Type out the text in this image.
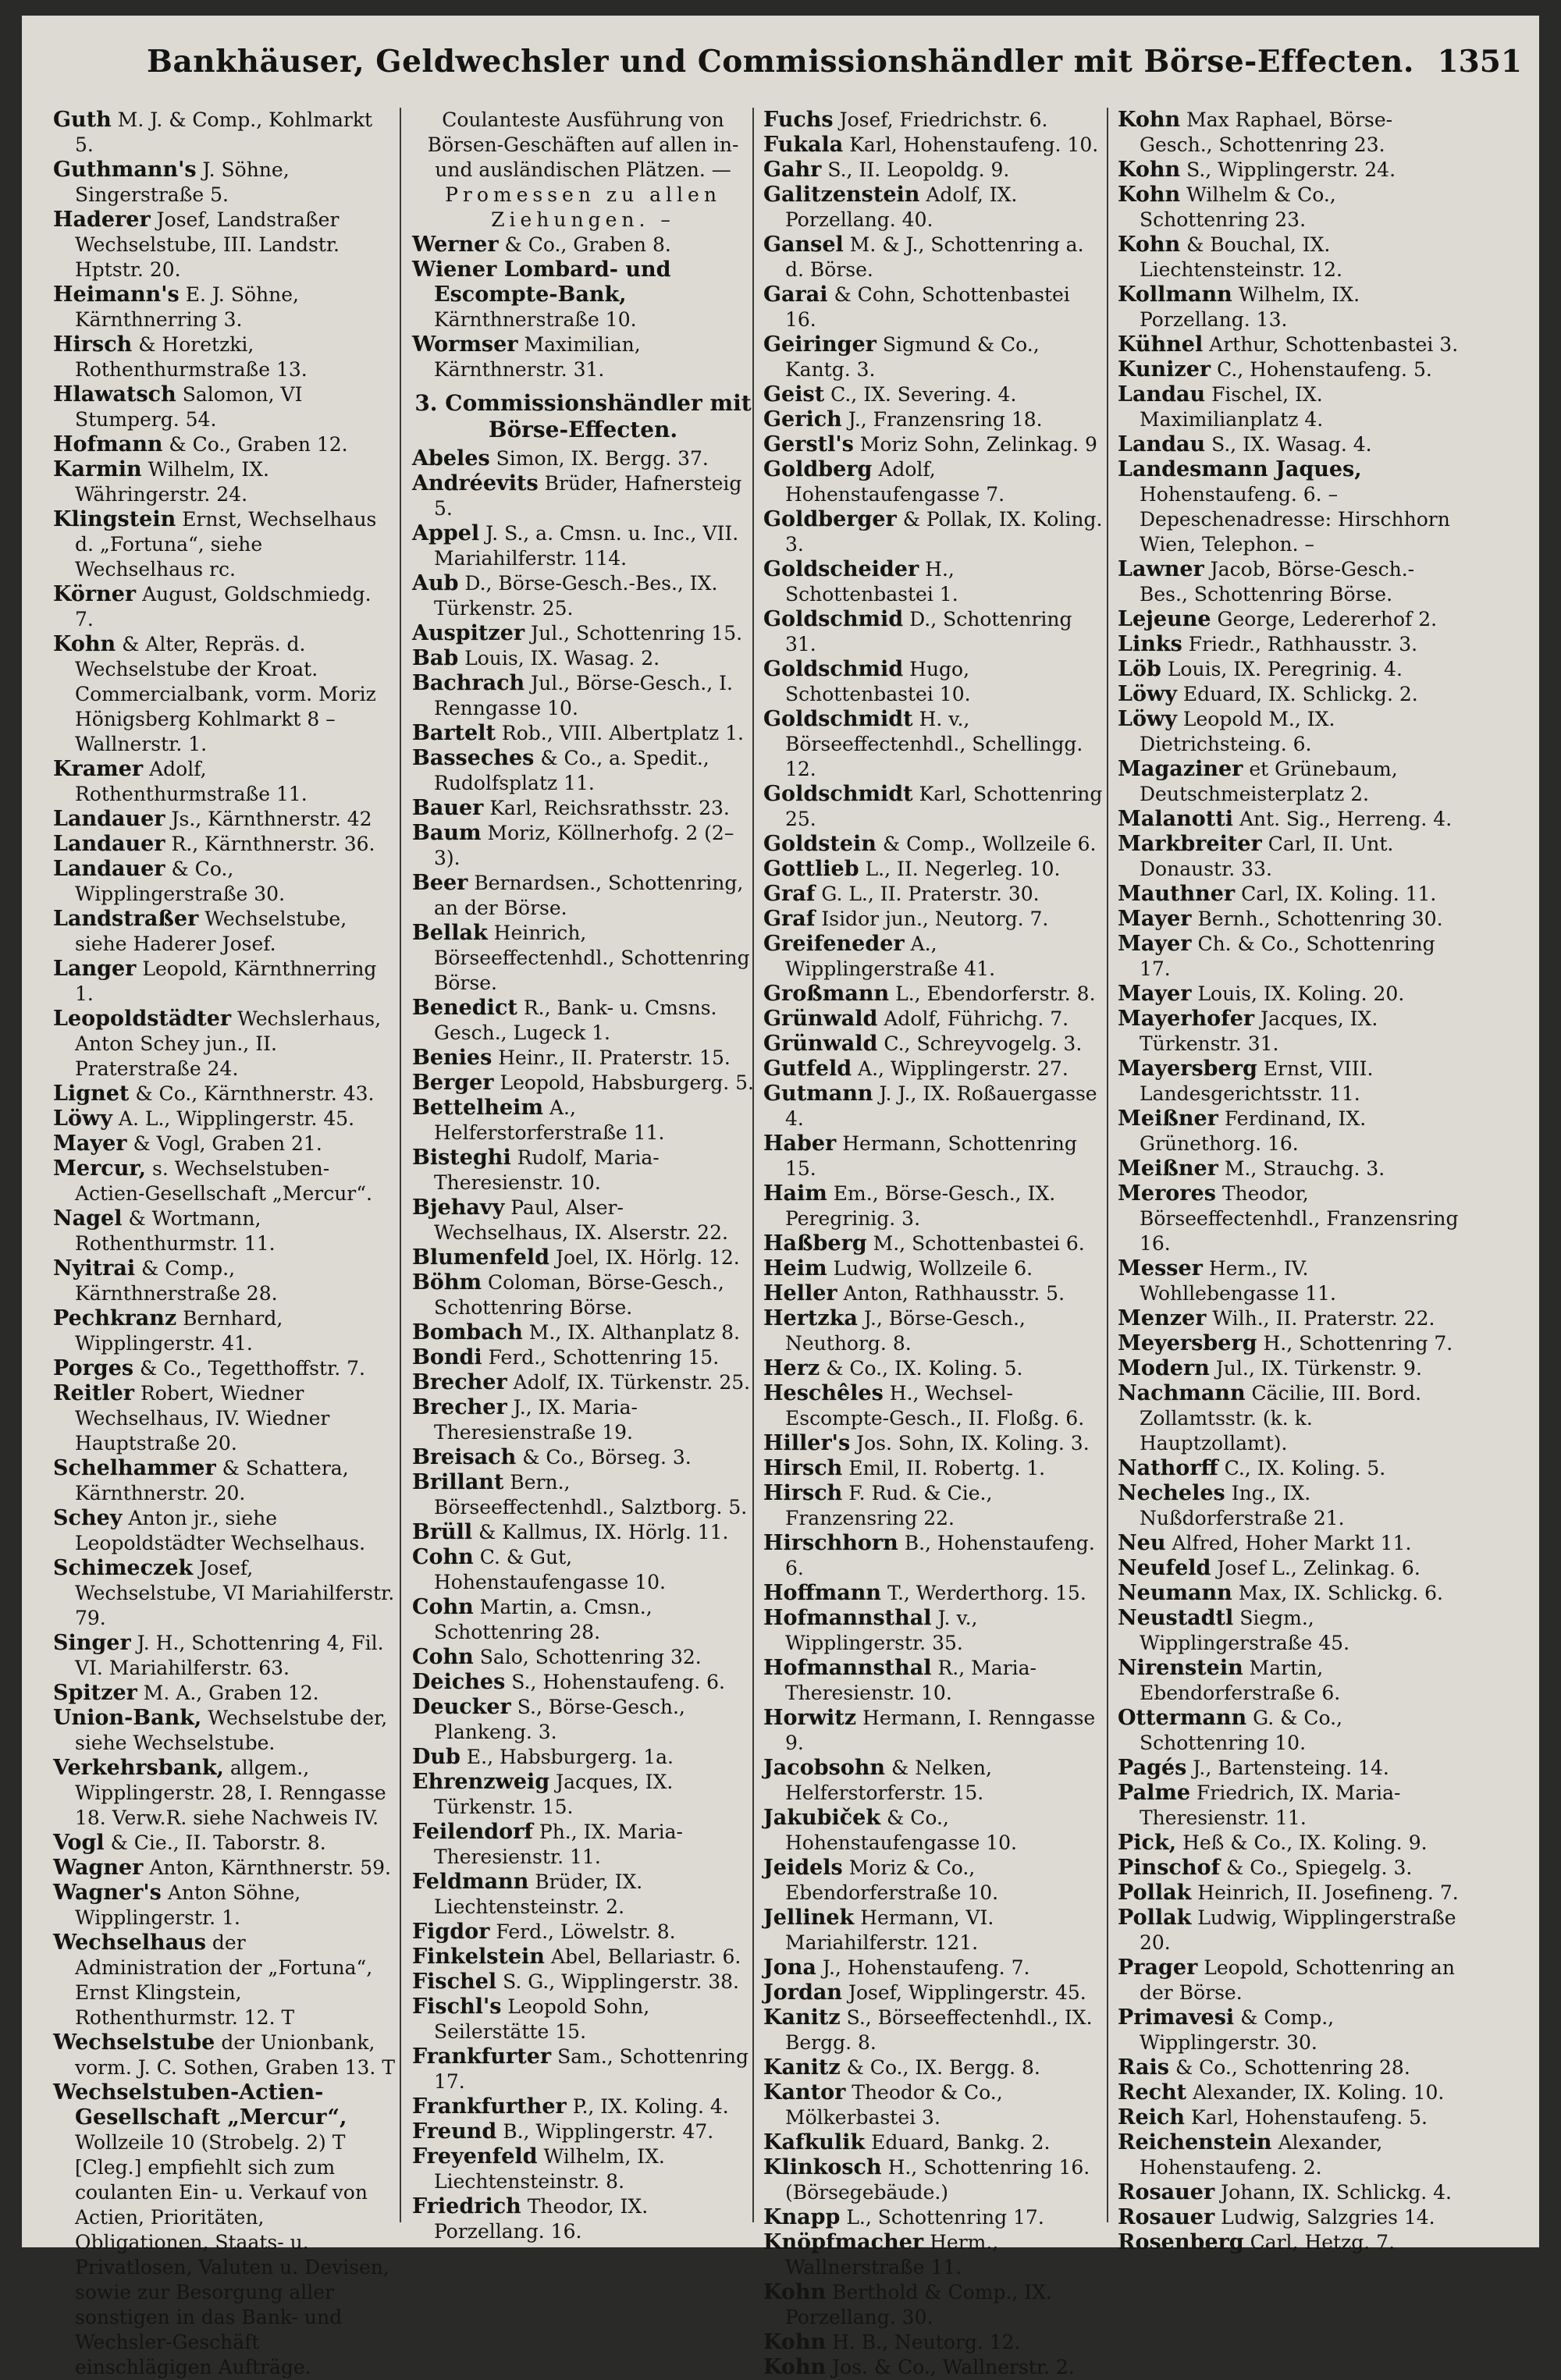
Bankhäuser, Geldwechsler und Commissionshändler mit Börse-Effecten. 1351

Guth M. J. & Comp., Kohlmarkt 5.

Guthmann's J. Söhne, Singerstraße 5.

Haderer Josef, Landstraßer Wechselstube, III. Landstr. Hptstr. 20.

Heimann's E. J. Söhne, Kärnthnerring 3.

Hirsch & Horetzki, Rothenthurmstraße 13.

Hlawatsch Salomon, VI Stumperg. 54.

Hofmann & Co., Graben 12.

Karmin Wilhelm, IX. Währingerstr. 24.

Klingstein Ernst, Wechselhaus d. „Fortuna“, siehe Wechselhaus rc.

Körner August, Goldschmiedg. 7.

Kohn & Alter, Repräs. d. Wechselstube der Kroat. Commercialbank, vorm. Moriz Hönigsberg Kohlmarkt 8 – Wallnerstr. 1.

Kramer Adolf, Rothenthurmstraße 11.

Landauer Js., Kärnthnerstr. 42

Landauer R., Kärnthnerstr. 36.

Landauer & Co., Wipplingerstraße 30.

Landstraßer Wechselstube, siehe Haderer Josef.

Langer Leopold, Kärnthnerring 1.

Leopoldstädter Wechslerhaus, Anton Schey jun., II. Praterstraße 24.

Lignet & Co., Kärnthnerstr. 43.

Löwy A. L., Wipplingerstr. 45.

Mayer & Vogl, Graben 21.

Mercur, s. Wechselstuben-Actien-Gesellschaft „Mercur“.

Nagel & Wortmann, Rothenthurmstr. 11.

Nyitrai & Comp., Kärnthnerstraße 28.

Pechkranz Bernhard, Wipplingerstr. 41.

Porges & Co., Tegetthoffstr. 7.

Reitler Robert, Wiedner Wechselhaus, IV. Wiedner Hauptstraße 20.

Schelhammer & Schattera, Kärnthnerstr. 20.

Schey Anton jr., siehe Leopoldstädter Wechselhaus.

Schimeczek Josef, Wechselstube, VI Mariahilferstr. 79.

Singer J. H., Schottenring 4, Fil. VI. Mariahilferstr. 63.

Spitzer M. A., Graben 12.

Union-Bank, Wechselstube der, siehe Wechselstube.

Verkehrsbank, allgem., Wipplingerstr. 28, I. Renngasse 18. Verw.R. siehe Nachweis IV.

Vogl & Cie., II. Taborstr. 8.

Wagner Anton, Kärnthnerstr. 59.

Wagner's Anton Söhne, Wipplingerstr. 1.

Wechselhaus der Administration der „Fortuna“, Ernst Klingstein, Rothenthurmstr. 12. T

Wechselstube der Unionbank, vorm. J. C. Sothen, Graben 13. T

Wechselstuben-Actien-Gesellschaft „Mercur“, Wollzeile 10 (Strobelg. 2) T [Cleg.] empfiehlt sich zum coulanten Ein- u. Verkauf von Actien, Prioritäten, Obligationen, Staats- u. Privatlosen, Valuten u. Devisen, sowie zur Besorgung aller sonstigen in das Bank- und Wechsler-Geschäft einschlägigen Aufträge.

Coulanteste Ausführung von Börsen-Geschäften auf allen in- und ausländischen Plätzen. —

Promessen zu allen Ziehungen. –

Werner & Co., Graben 8.

Wiener Lombard- und Escompte-Bank, Kärnthnerstraße 10.

Wormser Maximilian, Kärnthnerstr. 31.

3. Commissionshändler mit Börse-Effecten.

Abeles Simon, IX. Bergg. 37.

Andréevits Brüder, Hafnersteig 5.

Appel J. S., a. Cmsn. u. Inc., VII. Mariahilferstr. 114.

Aub D., Börse-Gesch.-Bes., IX. Türkenstr. 25.

Auspitzer Jul., Schottenring 15.

Bab Louis, IX. Wasag. 2.

Bachrach Jul., Börse-Gesch., I. Renngasse 10.

Bartelt Rob., VIII. Albertplatz 1.

Basseches & Co., a. Spedit., Rudolfsplatz 11.

Bauer Karl, Reichsrathsstr. 23.

Baum Moriz, Köllnerhofg. 2 (2–3).

Beer Bernardsen., Schottenring, an der Börse.

Bellak Heinrich, Börseeffectenhdl., Schottenring Börse.

Benedict R., Bank- u. Cmsns. Gesch., Lugeck 1.

Benies Heinr., II. Praterstr. 15.

Berger Leopold, Habsburgerg. 5.

Bettelheim A., Helferstorferstraße 11.

Bisteghi Rudolf, Maria-Theresienstr. 10.

Bjehavy Paul, Alser-Wechselhaus, IX. Alserstr. 22.

Blumenfeld Joel, IX. Hörlg. 12.

Böhm Coloman, Börse-Gesch., Schottenring Börse.

Bombach M., IX. Althanplatz 8.

Bondi Ferd., Schottenring 15.

Brecher Adolf, IX. Türkenstr. 25.

Brecher J., IX. Maria-Theresienstraße 19.

Breisach & Co., Börseg. 3.

Brillant Bern., Börseeffectenhdl., Salztborg. 5.

Brüll & Kallmus, IX. Hörlg. 11.

Cohn C. & Gut, Hohenstaufengasse 10.

Cohn Martin, a. Cmsn., Schottenring 28.

Cohn Salo, Schottenring 32.

Deiches S., Hohenstaufeng. 6.

Deucker S., Börse-Gesch., Plankeng. 3.

Dub E., Habsburgerg. 1a.

Ehrenzweig Jacques, IX. Türkenstr. 15.

Feilendorf Ph., IX. Maria-Theresienstr. 11.

Feldmann Brüder, IX. Liechtensteinstr. 2.

Figdor Ferd., Löwelstr. 8.

Finkelstein Abel, Bellariastr. 6.

Fischel S. G., Wipplingerstr. 38.

Fischl's Leopold Sohn, Seilerstätte 15.

Frankfurter Sam., Schottenring 17.

Frankfurther P., IX. Koling. 4.

Freund B., Wipplingerstr. 47.

Freyenfeld Wilhelm, IX. Liechtensteinstr. 8.

Friedrich Theodor, IX. Porzellang. 16.

Fuchs Josef, Friedrichstr. 6.

Fukala Karl, Hohenstaufeng. 10.

Gahr S., II. Leopoldg. 9.

Galitzenstein Adolf, IX. Porzellang. 40.

Gansel M. & J., Schottenring a. d. Börse.

Garai & Cohn, Schottenbastei 16.

Geiringer Sigmund & Co., Kantg. 3.

Geist C., IX. Severing. 4.

Gerich J., Franzensring 18.

Gerstl's Moriz Sohn, Zelinkag. 9

Goldberg Adolf, Hohenstaufengasse 7.

Goldberger & Pollak, IX. Koling. 3.

Goldscheider H., Schottenbastei 1.

Goldschmid D., Schottenring 31.

Goldschmid Hugo, Schottenbastei 10.

Goldschmidt H. v., Börseeffectenhdl., Schellingg. 12.

Goldschmidt Karl, Schottenring 25.

Goldstein & Comp., Wollzeile 6.

Gottlieb L., II. Negerleg. 10.

Graf G. L., II. Praterstr. 30.

Graf Isidor jun., Neutorg. 7.

Greifeneder A., Wipplingerstraße 41.

Großmann L., Ebendorferstr. 8.

Grünwald Adolf, Führichg. 7.

Grünwald C., Schreyvogelg. 3.

Gutfeld A., Wipplingerstr. 27.

Gutmann J. J., IX. Roßauergasse 4.

Haber Hermann, Schottenring 15.

Haim Em., Börse-Gesch., IX. Peregrinig. 3.

Haßberg M., Schottenbastei 6.

Heim Ludwig, Wollzeile 6.

Heller Anton, Rathhausstr. 5.

Hertzka J., Börse-Gesch., Neuthorg. 8.

Herz & Co., IX. Koling. 5.

Heschêles H., Wechsel-Escompte-Gesch., II. Floßg. 6.

Hiller's Jos. Sohn, IX. Koling. 3.

Hirsch Emil, II. Robertg. 1.

Hirsch F. Rud. & Cie., Franzensring 22.

Hirschhorn B., Hohenstaufeng. 6.

Hoffmann T., Werderthorg. 15.

Hofmannsthal J. v., Wipplingerstr. 35.

Hofmannsthal R., Maria-Theresienstr. 10.

Horwitz Hermann, I. Renngasse 9.

Jacobsohn & Nelken, Helferstorferstr. 15.

Jakubiček & Co., Hohenstaufengasse 10.

Jeidels Moriz & Co., Ebendorferstraße 10.

Jellinek Hermann, VI. Mariahilferstr. 121.

Jona J., Hohenstaufeng. 7.

Jordan Josef, Wipplingerstr. 45.

Kanitz S., Börseeffectenhdl., IX. Bergg. 8.

Kanitz & Co., IX. Bergg. 8.

Kantor Theodor & Co., Mölkerbastei 3.

Kafkulik Eduard, Bankg. 2.

Klinkosch H., Schottenring 16. (Börsegebäude.)

Knapp L., Schottenring 17.

Knöpfmacher Herm., Wallnerstraße 11.

Kohn Berthold & Comp., IX. Porzellang. 30.

Kohn H. B., Neutorg. 12.

Kohn Jos. & Co., Wallnerstr. 2.

Kohn Max Raphael, Börse-Gesch., Schottenring 23.

Kohn S., Wipplingerstr. 24.

Kohn Wilhelm & Co., Schottenring 23.

Kohn & Bouchal, IX. Liechtensteinstr. 12.

Kollmann Wilhelm, IX. Porzellang. 13.

Kühnel Arthur, Schottenbastei 3.

Kunizer C., Hohenstaufeng. 5.

Landau Fischel, IX. Maximilianplatz 4.

Landau S., IX. Wasag. 4.

Landesmann Jaques, Hohenstaufeng. 6. – Depeschenadresse: Hirschhorn Wien, Telephon. –

Lawner Jacob, Börse-Gesch.-Bes., Schottenring Börse.

Lejeune George, Ledererhof 2.

Links Friedr., Rathhausstr. 3.

Löb Louis, IX. Peregrinig. 4.

Löwy Eduard, IX. Schlickg. 2.

Löwy Leopold M., IX. Dietrichsteing. 6.

Magaziner et Grünebaum, Deutschmeisterplatz 2.

Malanotti Ant. Sig., Herreng. 4.

Markbreiter Carl, II. Unt. Donaustr. 33.

Mauthner Carl, IX. Koling. 11.

Mayer Bernh., Schottenring 30.

Mayer Ch. & Co., Schottenring 17.

Mayer Louis, IX. Koling. 20.

Mayerhofer Jacques, IX. Türkenstr. 31.

Mayersberg Ernst, VIII. Landesgerichtsstr. 11.

Meißner Ferdinand, IX. Grünethorg. 16.

Meißner M., Strauchg. 3.

Merores Theodor, Börseeffectenhdl., Franzensring 16.

Messer Herm., IV. Wohllebengasse 11.

Menzer Wilh., II. Praterstr. 22.

Meyersberg H., Schottenring 7.

Modern Jul., IX. Türkenstr. 9.

Nachmann Cäcilie, III. Bord. Zollamtsstr. (k. k. Hauptzollamt).

Nathorff C., IX. Koling. 5.

Necheles Ing., IX. Nußdorferstraße 21.

Neu Alfred, Hoher Markt 11.

Neufeld Josef L., Zelinkag. 6.

Neumann Max, IX. Schlickg. 6.

Neustadtl Siegm., Wipplingerstraße 45.

Nirenstein Martin, Ebendorferstraße 6.

Ottermann G. & Co., Schottenring 10.

Pagés J., Bartensteing. 14.

Palme Friedrich, IX. Maria-Theresienstr. 11.

Pick, Heß & Co., IX. Koling. 9.

Pinschof & Co., Spiegelg. 3.

Pollak Heinrich, II. Josefineng. 7.

Pollak Ludwig, Wipplingerstraße 20.

Prager Leopold, Schottenring an der Börse.

Primavesi & Comp., Wipplingerstr. 30.

Rais & Co., Schottenring 28.

Recht Alexander, IX. Koling. 10.

Reich Karl, Hohenstaufeng. 5.

Reichenstein Alexander, Hohenstaufeng. 2.

Rosauer Johann, IX. Schlickg. 4.

Rosauer Ludwig, Salzgries 14.

Rosenberg Carl, Hetzg. 7.
